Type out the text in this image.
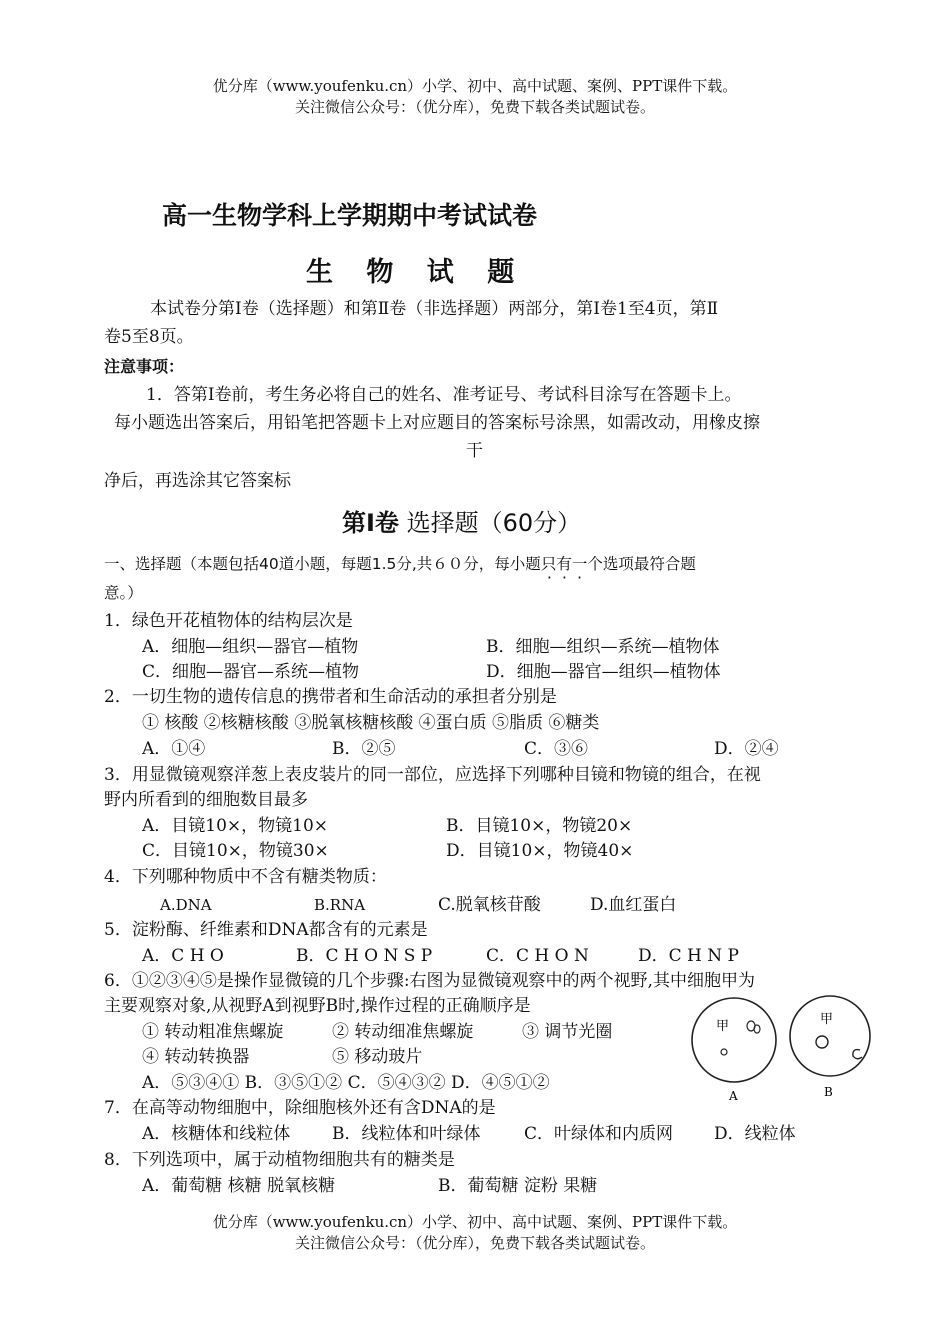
优分库（www.youfenku.cn）小学、初中、高中试题、案例、PPT课件下载。
关注微信公众号：（优分库），免费下载各类试题试卷。
高一生物学科上学期期中考试试卷
生 物 试 题
本试卷分第Ⅰ卷（选择题）和第Ⅱ卷（非选择题）两部分，第Ⅰ卷1至4页，第Ⅱ
卷5至8页。
注意事项：
1．答第Ⅰ卷前，考生务必将自己的姓名、准考证号、考试科目涂写在答题卡上。
每小题选出答案后，用铅笔把答题卡上对应题目的答案标号涂黑，如需改动，用橡皮擦
干
净后，再选涂其它答案标
第I卷 选择题（60分）
一、选择题（本题包括40道小题，每题1.5分,共６０分，每小题只有一个 ···选项最符合题
意。）
1．绿色开花植物体的结构层次是
A．细胞—组织—器官—植物	B．细胞—组织—系统—植物体
C．细胞—器官—系统—植物	D．细胞—器官—组织—植物体
2．一切生物的遗传信息的携带者和生命活动的承担者分别是
① 核酸 ②核糖核酸 ③脱氧核糖核酸 ④蛋白质 ⑤脂质 ⑥糖类
A．①④	B．②⑤	C．③⑥	D．②④
3．用显微镜观察洋葱上表皮装片的同一部位，应选择下列哪种目镜和物镜的组合，在视
野内所看到的细胞数目最多
A．目镜10×，物镜10×	B．目镜10×，物镜20×
C．目镜10×，物镜30×	D．目镜10×，物镜40×
4．下列哪种物质中不含有糖类物质：
A.DNA	B.RNA	C.脱氧核苷酸	D.血红蛋白
5．淀粉酶、纤维素和DNA都含有的元素是
A．C H O	B．C H O N S P	C．C H O N	D．C H N P
6．①②③④⑤是操作显微镜的几个步骤:右图为显微镜观察中的两个视野,其中细胞甲为
主要观察对象,从视野A到视野B时,操作过程的正确顺序是
① 转动粗准焦螺旋	② 转动细准焦螺旋	③ 调节光圈
④ 转动转换器	⑤ 移动玻片
A．⑤③④① B．③⑤①② C．⑤④③② D．④⑤①②
甲
A
甲
B
7．在高等动物细胞中，除细胞核外还有含DNA的是
A．核糖体和线粒体 B．线粒体和叶绿体	C．叶绿体和内质网 D．线粒体
8．下列选项中，属于动植物细胞共有的糖类是
A．葡萄糖 核糖 脱氧核糖	B．葡萄糖 淀粉 果糖
优分库（www.youfenku.cn）小学、初中、高中试题、案例、PPT课件下载。
关注微信公众号：（优分库），免费下载各类试题试卷。
